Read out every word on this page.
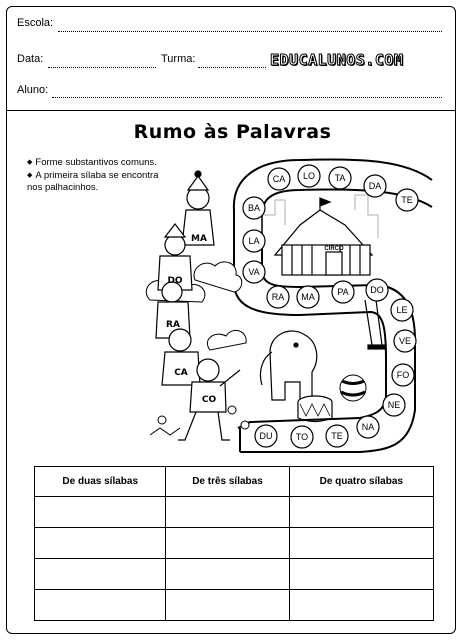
Escola:
Data:	Turma:	EDUCALUNOS.COM
Aluno:
Rumo às Palavras
◆ Forme substantivos comuns.
◆ A primeira sílaba se encontra
nos palhacinhos.
CIRCO
MA
DO
RA
CA
CO
CA LO TA
DA
TE
BA
LA
VA
RA MA	PA DO
LE
VE
FO
NE
NA
TE
TO
DU
De duas sílabas	De três sílabas	De quatro sílabas
